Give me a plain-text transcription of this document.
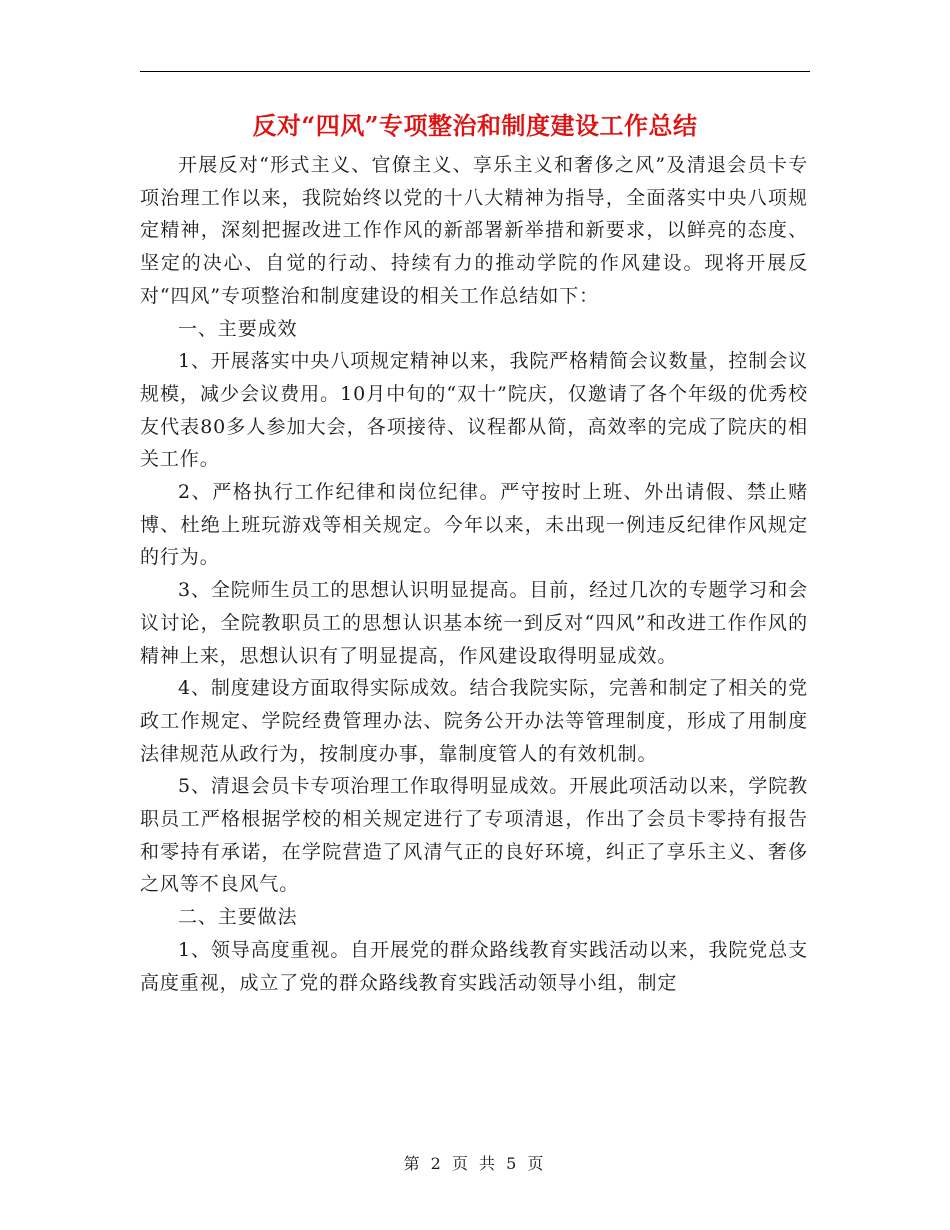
反对“四风”专项整治和制度建设工作总结

开展反对“形式主义、官僚主义、享乐主义和奢侈之风”及清退会员卡专项治理工作以来，我院始终以党的十八大精神为指导，全面落实中央八项规定精神，深刻把握改进工作作风的新部署新举措和新要求，以鲜亮的态度、坚定的决心、自觉的行动、持续有力的推动学院的作风建设。现将开展反对“四风”专项整治和制度建设的相关工作总结如下：

一、主要成效

1、开展落实中央八项规定精神以来，我院严格精简会议数量，控制会议规模，减少会议费用。10月中旬的“双十”院庆，仅邀请了各个年级的优秀校友代表80多人参加大会，各项接待、议程都从简，高效率的完成了院庆的相关工作。

2、严格执行工作纪律和岗位纪律。严守按时上班、外出请假、禁止赌博、杜绝上班玩游戏等相关规定。今年以来，未出现一例违反纪律作风规定的行为。

3、全院师生员工的思想认识明显提高。目前，经过几次的专题学习和会议讨论，全院教职员工的思想认识基本统一到反对“四风”和改进工作作风的精神上来，思想认识有了明显提高，作风建设取得明显成效。

4、制度建设方面取得实际成效。结合我院实际，完善和制定了相关的党政工作规定、学院经费管理办法、院务公开办法等管理制度，形成了用制度法律规范从政行为，按制度办事，靠制度管人的有效机制。

5、清退会员卡专项治理工作取得明显成效。开展此项活动以来，学院教职员工严格根据学校的相关规定进行了专项清退，作出了会员卡零持有报告和零持有承诺，在学院营造了风清气正的良好环境，纠正了享乐主义、奢侈之风等不良风气。

二、主要做法

1、领导高度重视。自开展党的群众路线教育实践活动以来，我院党总支高度重视，成立了党的群众路线教育实践活动领导小组，制定

第 2 页 共 5 页
